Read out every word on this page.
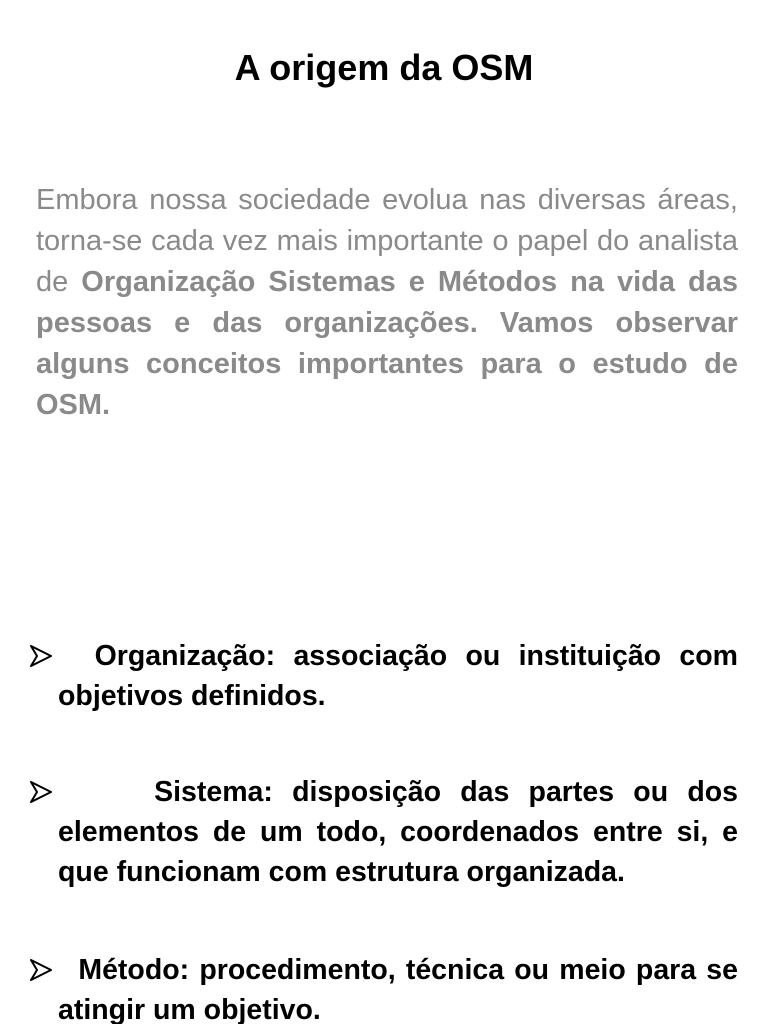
A origem da OSM

Embora nossa sociedade evolua nas diversas áreas, torna-se cada vez mais importante o papel do analista de Organização Sistemas e Métodos na vida das pessoas e das organizações. Vamos observar alguns conceitos importantes para o estudo de OSM.

Organização: associação ou instituição com objetivos definidos.
Sistema: disposição das partes ou dos elementos de um todo, coordenados entre si, e que funcionam com estrutura organizada.
Método: procedimento, técnica ou meio para se atingir um objetivo.
